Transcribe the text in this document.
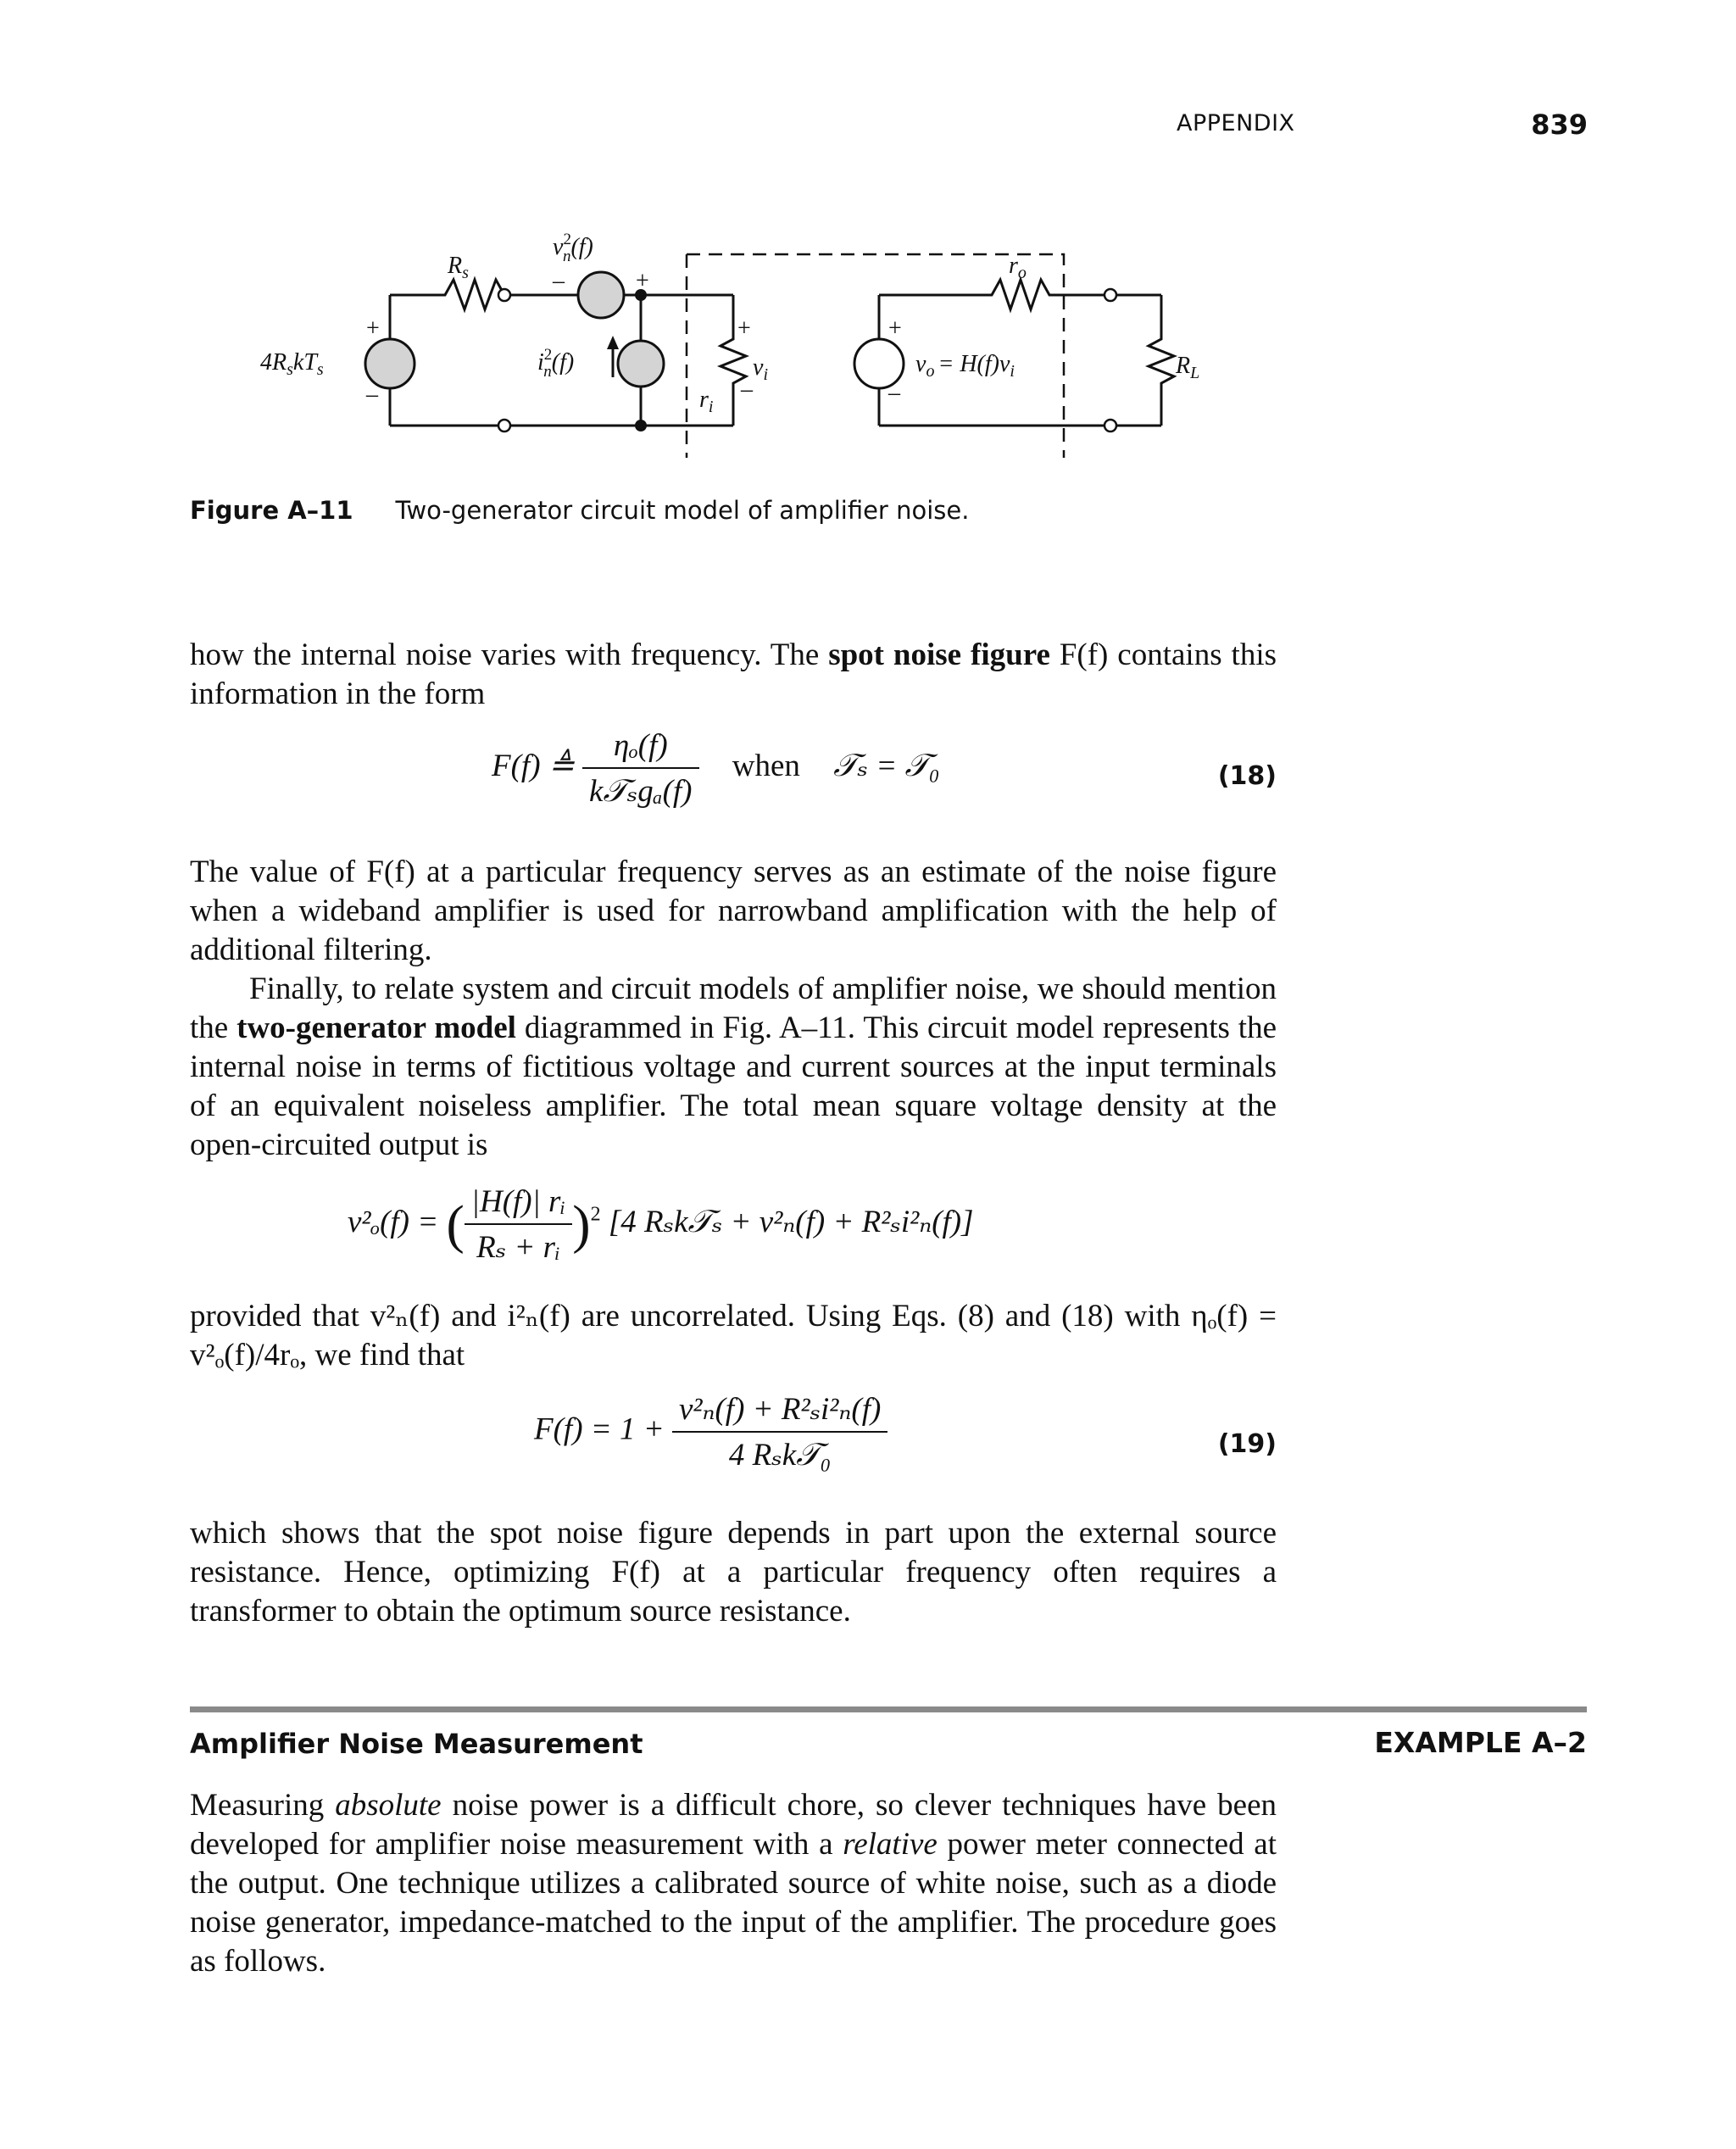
APPENDIX	839
$R_s$
$v^2$ n(f)
–	+
+
–
$4R_skT_s$	$i^2$ n(f)
+
$v_i$
–
$r_i$
$r_o$
+
–
$v_o = H(f)v_i$	$R_L$
Figure A–11 Two-generator circuit model of amplifier noise.
how the internal noise varies with frequency. The spot noise figure F(f) contains this information in the form
F(f) ≜ $\frac{\text{ηₒ(f)}}{\text{k𝒯ₛgₐ(f)}}$ when 𝒯ₛ = 𝒯₀	(18)
The value of F(f) at a particular frequency serves as an estimate of the noise figure when a wideband amplifier is used for narrowband amplification with the help of additional filtering.
Finally, to relate system and circuit models of amplifier noise, we should mention the two-generator model diagrammed in Fig. A–11. This circuit model represents the internal noise in terms of fictitious voltage and current sources at the input terminals of an equivalent noiseless amplifier. The total mean square voltage density at the open-circuited output is
v²ₒ(f) = ( $\frac{\text{|H(f)| rᵢ}}{\text{Rₛ + rᵢ}} )^2$ [4 Rₛk𝒯ₛ + v²ₙ(f) + R²ₛi²ₙ(f)]
provided that v²ₙ(f) and i²ₙ(f) are uncorrelated. Using Eqs. (8) and (18) with ηₒ(f) = v²ₒ(f)/4rₒ, we find that
$F(f) = 1 + \frac{\text{v²ₙ(f) + R²ₛi²ₙ(f)}}{\text{4 Rₛk𝒯₀}}$	(19)
which shows that the spot noise figure depends in part upon the external source resistance. Hence, optimizing F(f) at a particular frequency often requires a transformer to obtain the optimum source resistance.
Amplifier Noise Measurement	EXAMPLE A–2
Measuring absolute noise power is a difficult chore, so clever techniques have been developed for amplifier noise measurement with a relative power meter connected at the output. One technique utilizes a calibrated source of white noise, such as a diode noise generator, impedance-matched to the input of the amplifier. The procedure goes as follows.
